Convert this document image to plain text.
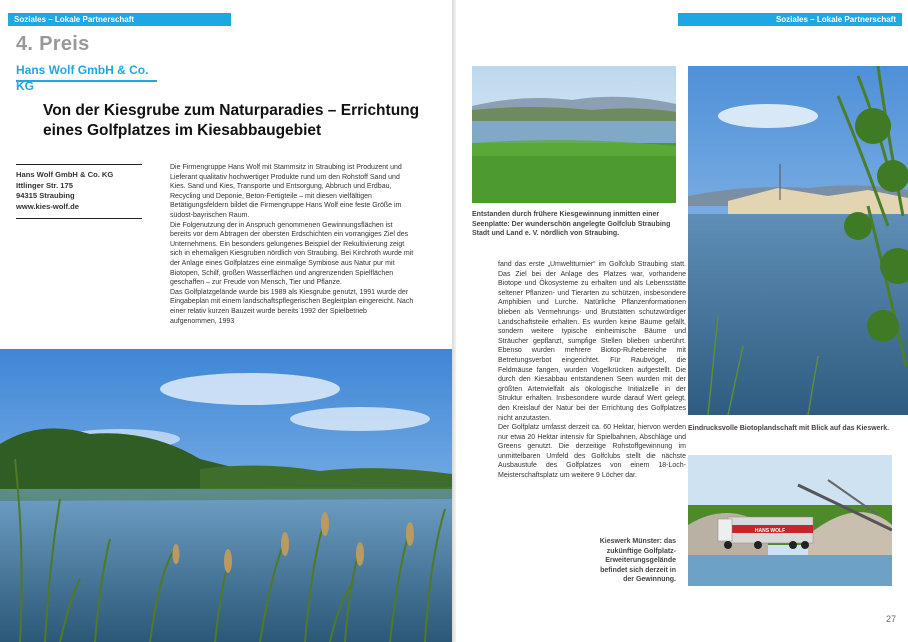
Soziales – Lokale Partnerschaft
4. Preis
Hans Wolf GmbH & Co. KG
Von der Kiesgrube zum Naturparadies – Errichtung eines Golfplatzes im Kiesabbaugebiet
Hans Wolf GmbH & Co. KG
Ittlinger Str. 175
94315 Straubing
www.kies-wolf.de

Die Firmengruppe Hans Wolf mit Stammsitz in Straubing ist Produzent und Lieferant qualitativ hochwertiger Produkte rund um den Rohstoff Sand und Kies. Sand und Kies, Transporte und Entsorgung, Abbruch und Erdbau, Recycling und Deponie, Beton-Fertigteile – mit diesen vielfältigen Betätigungsfeldern bildet die Firmengruppe Hans Wolf eine feste Größe im südost-bayrischen Raum.

Die Folgenutzung der in Anspruch genommenen Gewinnungsflächen ist bereits vor dem Abtragen der obersten Erdschichten ein vorrangiges Ziel des Unternehmens. Ein besonders gelungenes Beispiel der Rekultivierung zeigt sich in ehemaligen Kiesgruben nördlich von Straubing. Bei Kirchroth wurde mit der Anlage eines Golfplatzes eine einmalige Symbiose aus Natur pur mit Biotopen, Schilf, großen Wasserflächen und angrenzenden Spielflächen geschaffen – zur Freude von Mensch, Tier und Pflanze.

Das Golfplatzgelände wurde bis 1989 als Kiesgrube genutzt, 1991 wurde der Eingabeplan mit einem landschaftspflegerischen Begleitplan eingereicht. Nach einer relativ kurzen Bauzeit wurde bereits 1992 der Spielbetrieb aufgenommen, 1993

Soziales – Lokale Partnerschaft
Entstanden durch frühere Kiesgewinnung inmitten einer Seenplatte: Der wunderschön angelegte Golfclub Straubing Stadt und Land e. V. nördlich von Straubing.
Eindrucksvolle Biotoplandschaft mit Blick auf das Kieswerk.

fand das erste „Umweltturnier“ im Golfclub Straubing statt. Das Ziel bei der Anlage des Platzes war, vorhandene Biotope und Ökosysteme zu erhalten und als Lebensstätte seltener Pflanzen- und Tierarten zu schützen, insbesondere Amphibien und Lurche. Natürliche Pflanzenformationen blieben als Vermehrungs- und Brutstätten schutzwürdiger Landschaftsteile erhalten. Es wurden keine Bäume gefällt, sondern weitere typische einheimische Bäume und Sträucher gepflanzt, sumpfige Stellen blieben unberührt. Ebenso wurden mehrere Biotop-Ruhebereiche mit Betretungsverbot eingerichtet. Für Raubvögel, die Feldmäuse fangen, wurden Vogelkrücken aufgestellt. Die durch den Kiesabbau entstandenen Seen wurden mit der größten Artenvielfalt als ökologische Initialzelle in der Struktur erhalten. Insbesondere wurde darauf Wert gelegt, den Kreislauf der Natur bei der Errichtung des Golfplatzes nicht anzutasten.

Der Golfplatz umfasst derzeit ca. 60 Hektar, hiervon werden nur etwa 20 Hektar intensiv für Spielbahnen, Abschläge und Greens genutzt. Die derzeitige Rohstoffgewinnung im unmittelbaren Umfeld des Golfclubs stellt die nächste Ausbaustufe des Golfplatzes von einem 18-Loch-Meisterschaftsplatz um weitere 9 Löcher dar.

Kieswerk Münster: das zukünftige Golfplatz-Erweiterungsgelände befindet sich derzeit in der Gewinnung.
HANS WOLF
27
